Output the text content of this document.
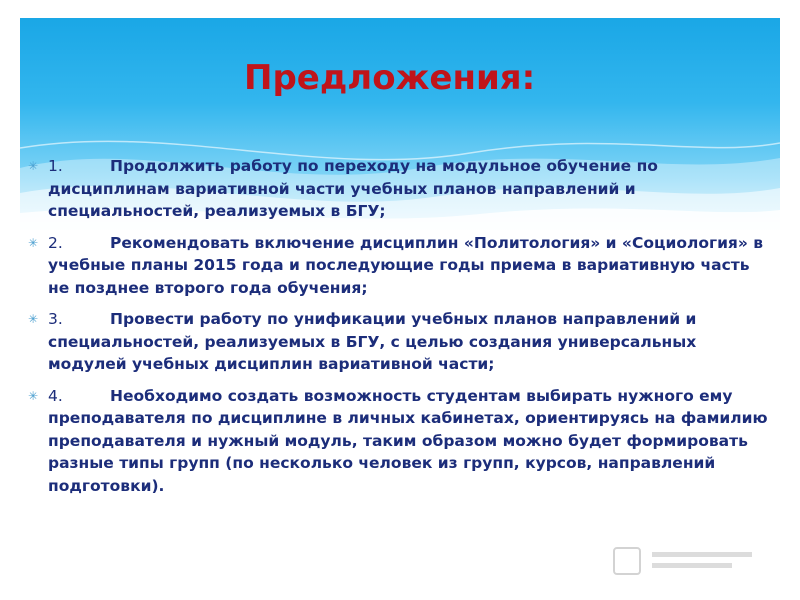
Предложения:
✳ 1.	Продолжить работу по переходу на модульное обучение по дисциплинам вариативной части учебных планов направлений и специальностей, реализуемых в БГУ;
✳ 2.	Рекомендовать включение дисциплин «Политология» и «Социология» в учебные планы 2015 года и последующие годы приема в вариативную часть не позднее второго года обучения;
✳ 3.	Провести работу по унификации учебных планов направлений и специальностей, реализуемых в БГУ, с целью создания универсальных модулей учебных дисциплин вариативной части;
✳ 4.	Необходимо создать возможность студентам выбирать нужного ему преподавателя по дисциплине в личных кабинетах, ориентируясь на фамилию преподавателя и нужный модуль, таким образом можно будет формировать разные типы групп (по несколько человек из групп, курсов, направлений подготовки).
